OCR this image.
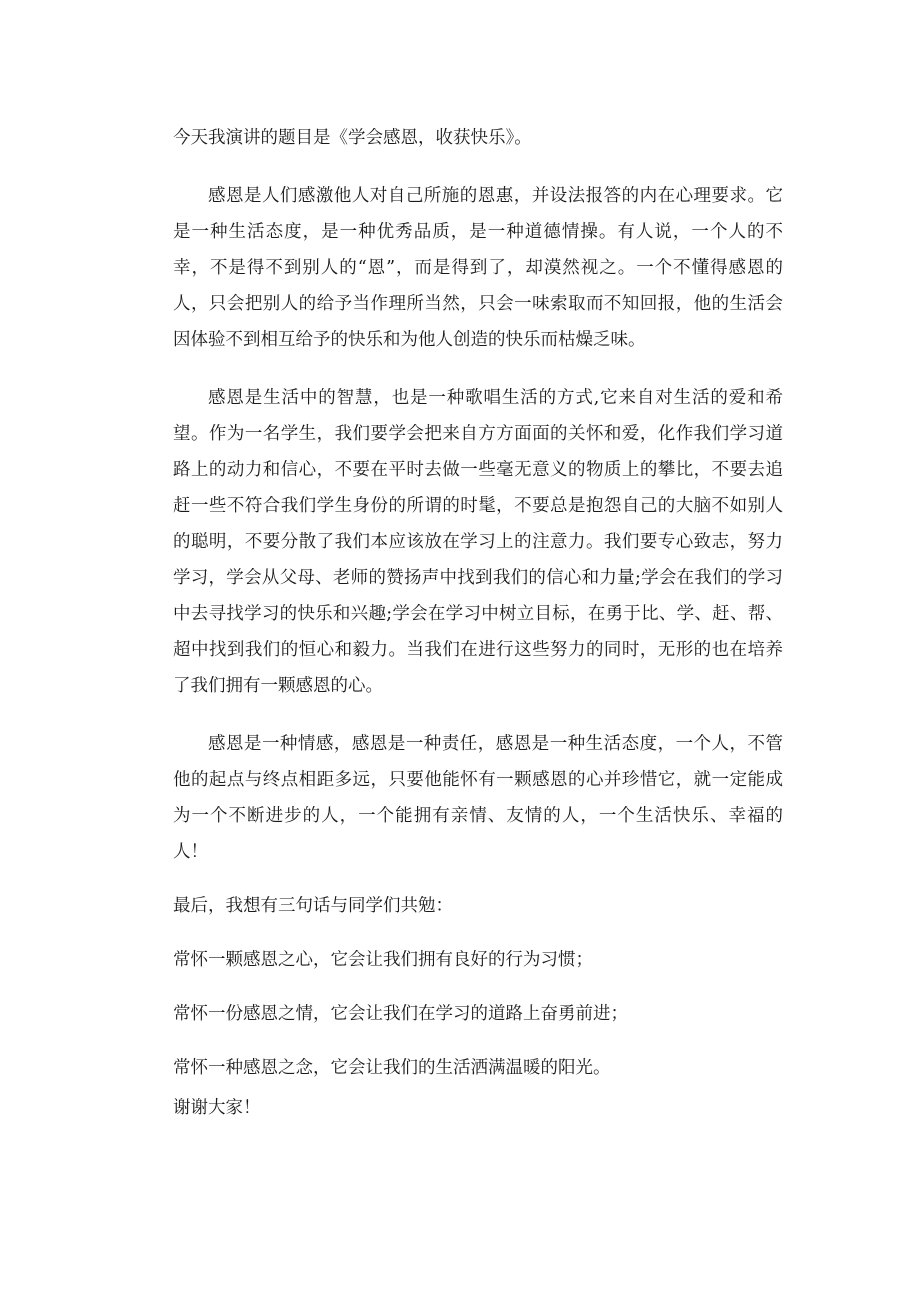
今天我演讲的题目是《学会感恩，收获快乐》。

感恩是人们感激他人对自己所施的恩惠，并设法报答的内在心理要求。它是一种生活态度，是一种优秀品质，是一种道德情操。有人说，一个人的不幸，不是得不到别人的“恩”，而是得到了，却漠然视之。一个不懂得感恩的人，只会把别人的给予当作理所当然，只会一味索取而不知回报，他的生活会因体验不到相互给予的快乐和为他人创造的快乐而枯燥乏味。

感恩是生活中的智慧，也是一种歌唱生活的方式,它来自对生活的爱和希望。作为一名学生，我们要学会把来自方方面面的关怀和爱，化作我们学习道路上的动力和信心，不要在平时去做一些毫无意义的物质上的攀比，不要去追赶一些不符合我们学生身份的所谓的时髦，不要总是抱怨自己的大脑不如别人的聪明，不要分散了我们本应该放在学习上的注意力。我们要专心致志，努力学习，学会从父母、老师的赞扬声中找到我们的信心和力量;学会在我们的学习中去寻找学习的快乐和兴趣;学会在学习中树立目标，在勇于比、学、赶、帮、超中找到我们的恒心和毅力。当我们在进行这些努力的同时，无形的也在培养了我们拥有一颗感恩的心。

感恩是一种情感，感恩是一种责任，感恩是一种生活态度，一个人，不管他的起点与终点相距多远，只要他能怀有一颗感恩的心并珍惜它，就一定能成为一个不断进步的人，一个能拥有亲情、友情的人，一个生活快乐、幸福的人！

最后，我想有三句话与同学们共勉：

常怀一颗感恩之心，它会让我们拥有良好的行为习惯；

常怀一份感恩之情，它会让我们在学习的道路上奋勇前进；

常怀一种感恩之念，它会让我们的生活洒满温暖的阳光。

谢谢大家！
